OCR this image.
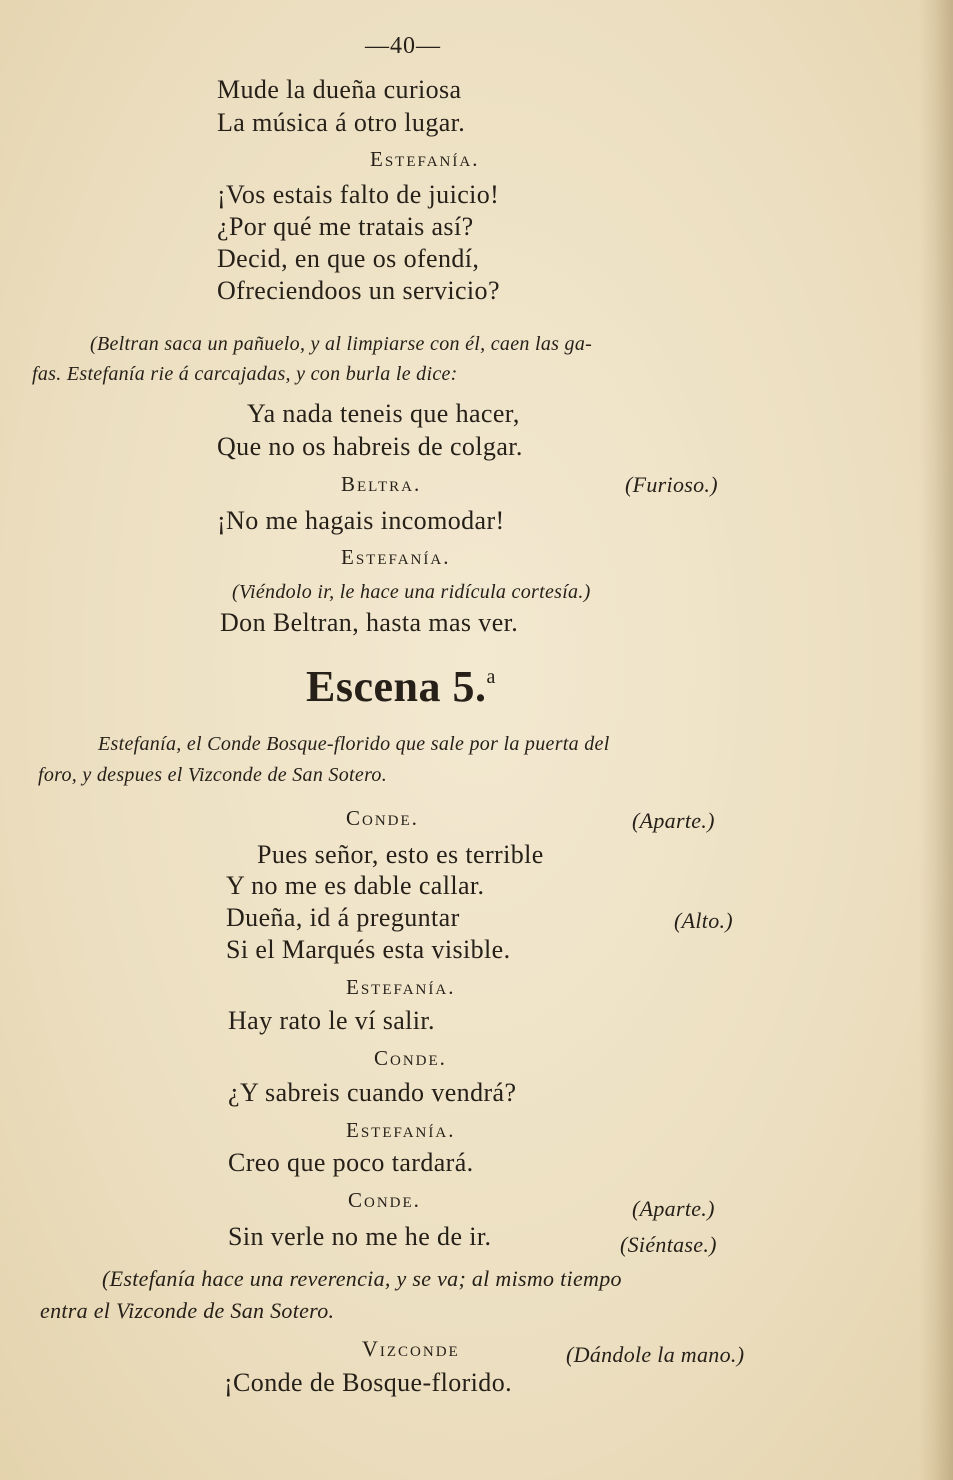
—40—
Mude la dueña curiosa
La música á otro lugar.
Estefanía.
¡Vos estais falto de juicio!
¿Por qué me tratais así?
Decid, en que os ofendí,
Ofreciendoos un servicio?
(Beltran saca un pañuelo, y al limpiarse con él, caen las ga-
fas. Estefanía rie á carcajadas, y con burla le dice:
Ya nada teneis que hacer,
Que no os habreis de colgar.
Beltra.	(Furioso.)
¡No me hagais incomodar!
Estefanía.
(Viéndolo ir, le hace una ridícula cortesía.)
Don Beltran, hasta mas ver.
Escena 5.$^a$
Estefanía, el Conde Bosque-florido que sale por la puerta del
foro, y despues el Vizconde de San Sotero.
Conde.	(Aparte.)
Pues señor, esto es terrible
Y no me es dable callar.
Dueña, id á preguntar	(Alto.)
Si el Marqués esta visible.
Estefanía.
Hay rato le ví salir.
Conde.
¿Y sabreis cuando vendrá?
Estefanía.
Creo que poco tardará.
Conde.	(Aparte.)
Sin verle no me he de ir.	(Siéntase.)
(Estefanía hace una reverencia, y se va; al mismo tiempo
entra el Vizconde de San Sotero.
Vizconde	(Dándole la mano.)
¡Conde de Bosque-florido.
